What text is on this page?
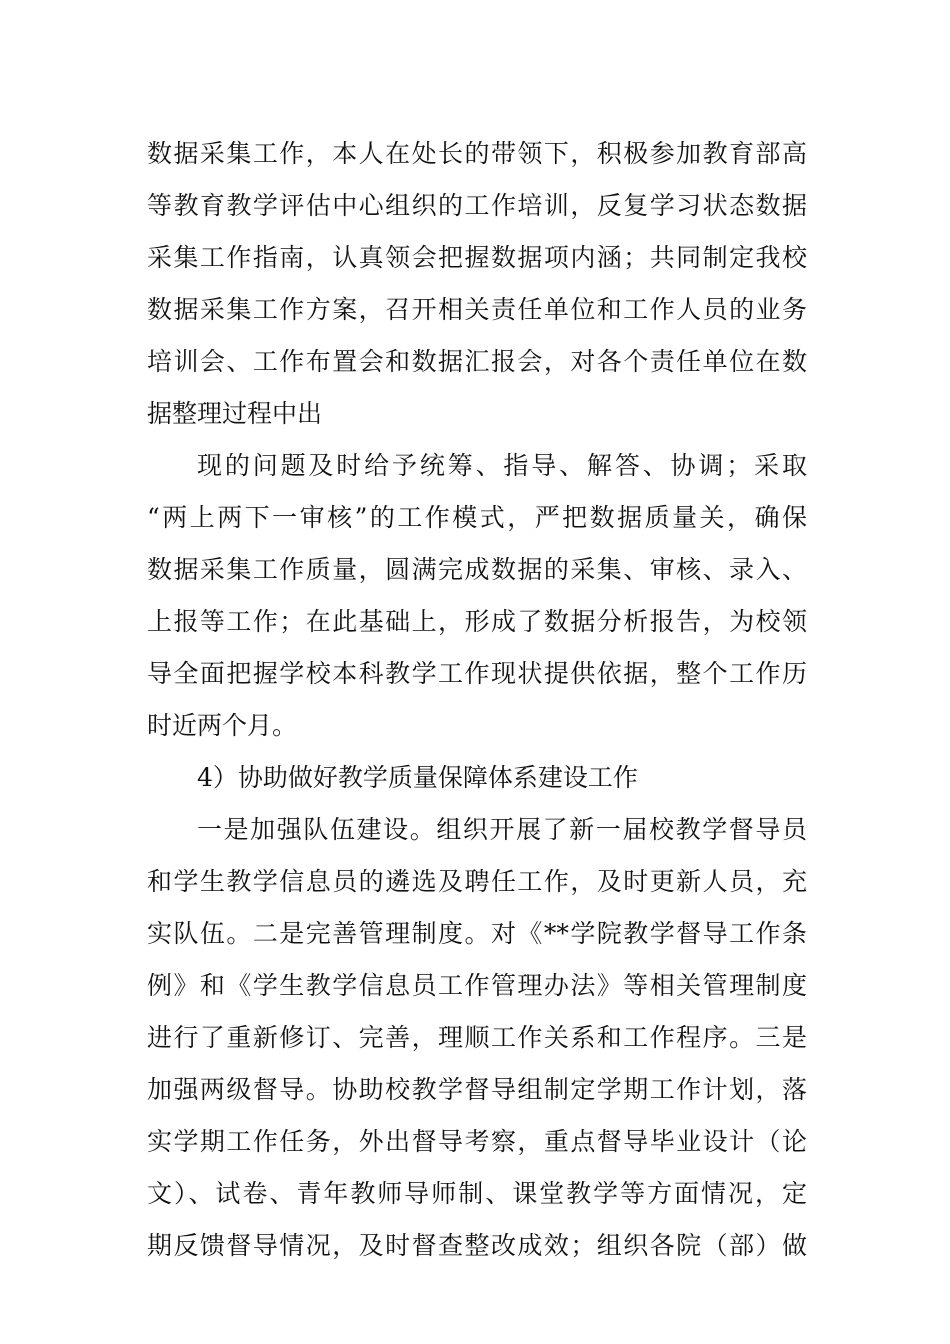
数据采集工作，本人在处长的带领下，积极参加教育部高
等教育教学评估中心组织的工作培训，反复学习状态数据
采集工作指南，认真领会把握数据项内涵；共同制定我校
数据采集工作方案，召开相关责任单位和工作人员的业务
培训会、工作布置会和数据汇报会，对各个责任单位在数
据整理过程中出
现的问题及时给予统筹、指导、解答、协调；采取
“两上两下一审核”的工作模式，严把数据质量关，确保
数据采集工作质量，圆满完成数据的采集、审核、录入、
上报等工作；在此基础上，形成了数据分析报告，为校领
导全面把握学校本科教学工作现状提供依据，整个工作历
时近两个月。
4）协助做好教学质量保障体系建设工作
一是加强队伍建设。组织开展了新一届校教学督导员
和学生教学信息员的遴选及聘任工作，及时更新人员，充
实队伍。二是完善管理制度。对《**学院教学督导工作条
例》和《学生教学信息员工作管理办法》等相关管理制度
进行了重新修订、完善，理顺工作关系和工作程序。三是
加强两级督导。协助校教学督导组制定学期工作计划，落
实学期工作任务，外出督导考察，重点督导毕业设计（论
文）、试卷、青年教师导师制、课堂教学等方面情况，定
期反馈督导情况，及时督查整改成效；组织各院（部）做
